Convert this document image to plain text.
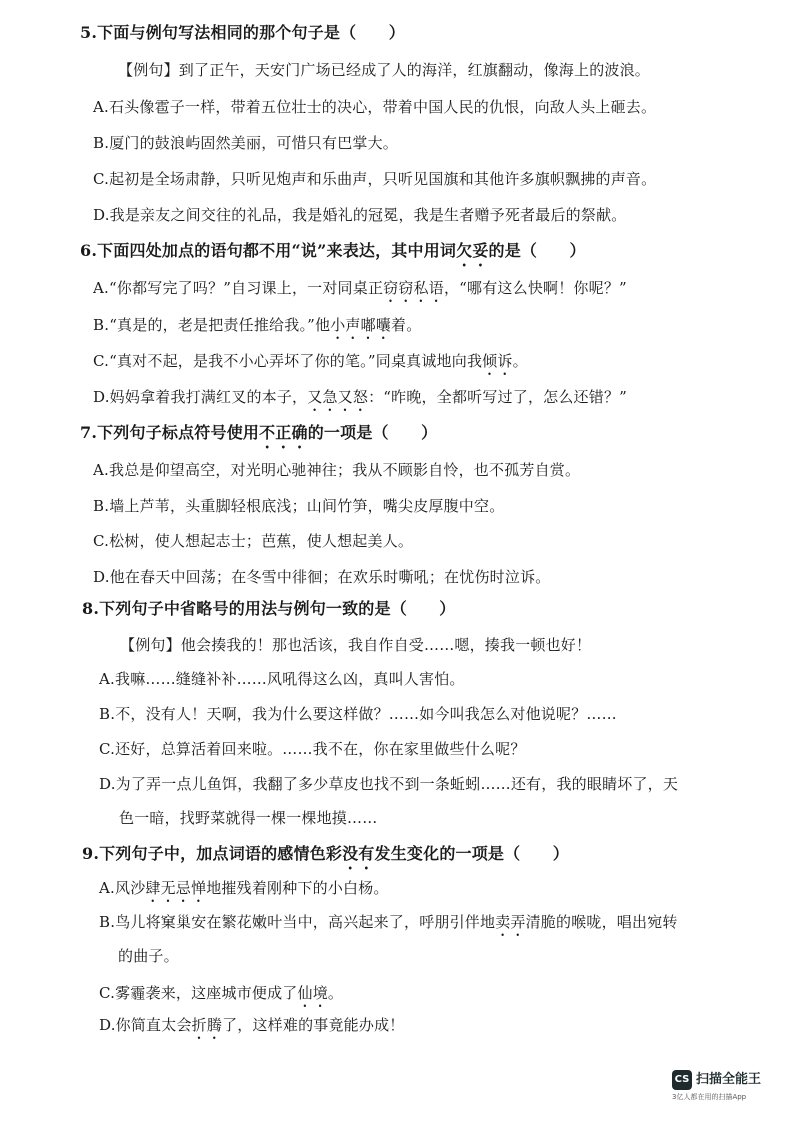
5.下面与例句写法相同的那个句子是（　　）
【例句】到了正午，天安门广场已经成了人的海洋，红旗翻动，像海上的波浪。
A.石头像雹子一样，带着五位壮士的决心，带着中国人民的仇恨，向敌人头上砸去。
B.厦门的鼓浪屿固然美丽，可惜只有巴掌大。
C.起初是全场肃静，只听见炮声和乐曲声，只听见国旗和其他许多旗帜飘拂的声音。
D.我是亲友之间交往的礼品，我是婚礼的冠冕，我是生者赠予死者最后的祭献。
6.下面四处加点的语句都不用“说”来表达，其中用词欠妥的是（　　）
A.“你都写完了吗？”自习课上，一对同桌正窃窃私语，“哪有这么快啊！你呢？”
B.“真是的，老是把责任推给我。”他小声嘟囔着。
C.“真对不起，是我不小心弄坏了你的笔。”同桌真诚地向我倾诉。
D.妈妈拿着我打满红叉的本子，又急又怒：“昨晚，全都听写过了，怎么还错？”
7.下列句子标点符号使用不正确的一项是（　　）
A.我总是仰望高空，对光明心驰神往；我从不顾影自怜，也不孤芳自赏。
B.墙上芦苇，头重脚轻根底浅；山间竹笋，嘴尖皮厚腹中空。
C.松树，使人想起志士；芭蕉，使人想起美人。
D.他在春天中回荡；在冬雪中徘徊；在欢乐时嘶吼；在忧伤时泣诉。
8.下列句子中省略号的用法与例句一致的是（　　）
【例句】他会揍我的！那也活该，我自作自受……嗯，揍我一顿也好！
A.我嘛……缝缝补补……风吼得这么凶，真叫人害怕。
B.不，没有人！天啊，我为什么要这样做？……如今叫我怎么对他说呢？……
C.还好，总算活着回来啦。……我不在，你在家里做些什么呢？
D.为了弄一点儿鱼饵，我翻了多少草皮也找不到一条蚯蚓……还有，我的眼睛坏了，天
色一暗，找野菜就得一棵一棵地摸……
9.下列句子中，加点词语的感情色彩没有发生变化的一项是（　　）
A.风沙肆无忌惮地摧残着刚种下的小白杨。
B.鸟儿将窠巢安在繁花嫩叶当中，高兴起来了，呼朋引伴地卖弄清脆的喉咙，唱出宛转
的曲子。
C.雾霾袭来，这座城市便成了仙境。
D.你简直太会折腾了，这样难的事竟能办成！
CS 扫描全能王
3亿人都在用的扫描App
